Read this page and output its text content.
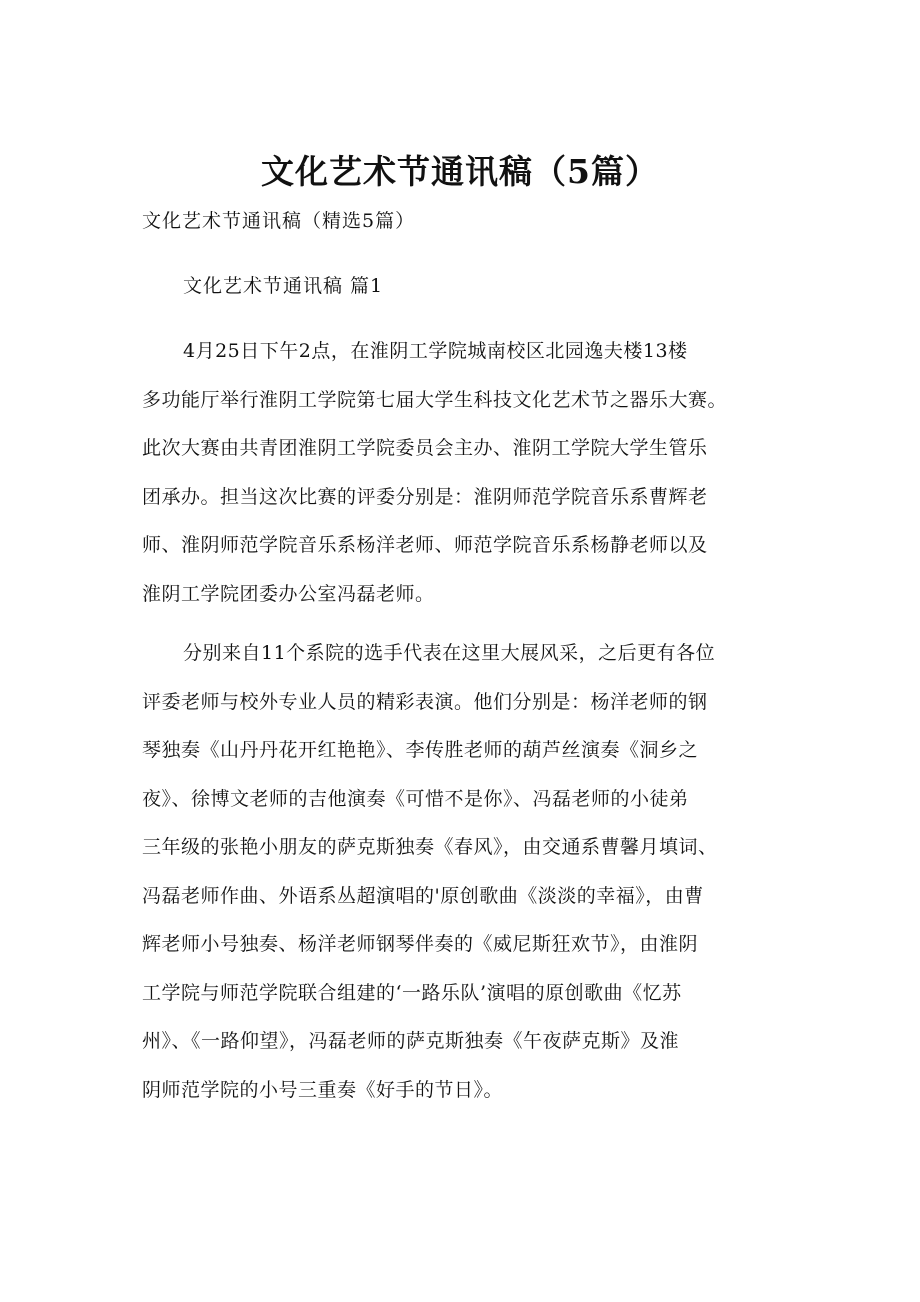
文化艺术节通讯稿（5篇）

文化艺术节通讯稿（精选5篇）

文化艺术节通讯稿 篇1

4月25日下午2点，在淮阴工学院城南校区北园逸夫楼13楼
多功能厅举行淮阴工学院第七届大学生科技文化艺术节之器乐大赛。
此次大赛由共青团淮阴工学院委员会主办、淮阴工学院大学生管乐
团承办。担当这次比赛的评委分别是：淮阴师范学院音乐系曹辉老
师、淮阴师范学院音乐系杨洋老师、师范学院音乐系杨静老师以及
淮阴工学院团委办公室冯磊老师。

分别来自11个系院的选手代表在这里大展风采，之后更有各位
评委老师与校外专业人员的精彩表演。他们分别是：杨洋老师的钢
琴独奏《山丹丹花开红艳艳》、李传胜老师的葫芦丝演奏《洞乡之
夜》、徐博文老师的吉他演奏《可惜不是你》、冯磊老师的小徒弟
三年级的张艳小朋友的萨克斯独奏《春风》，由交通系曹馨月填词、
冯磊老师作曲、外语系丛超演唱的'原创歌曲《淡淡的幸福》，由曹
辉老师小号独奏、杨洋老师钢琴伴奏的《威尼斯狂欢节》，由淮阴
工学院与师范学院联合组建的‘一路乐队’演唱的原创歌曲《忆苏
州》、《一路仰望》，冯磊老师的萨克斯独奏《午夜萨克斯》及淮
阴师范学院的小号三重奏《好手的节日》。
